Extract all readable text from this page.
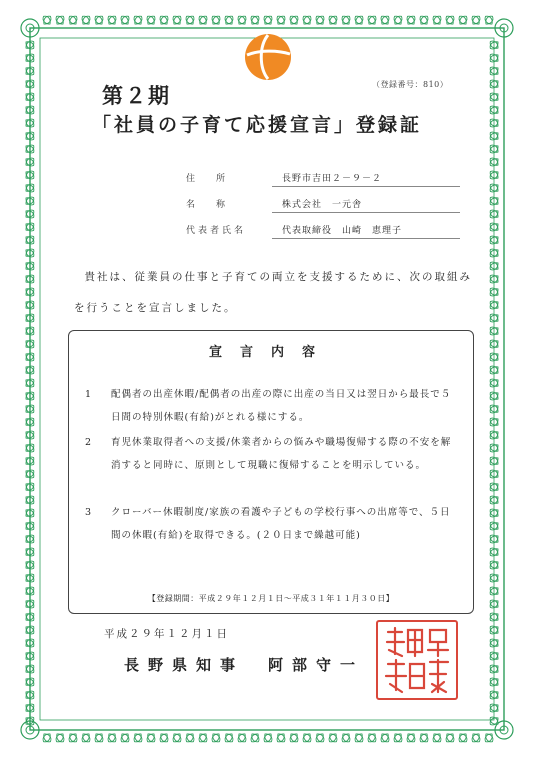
（登録番号：810）
第２期
「社員の子育て応援宣言」登録証
住　所	長野市吉田２－９－２
名　称	株式会社　一元舎
代表者氏名	代表取締役　山崎　恵理子
貴社は、従業員の仕事と子育ての両立を支援するために、次の取組みを行うことを宣言しました。
宣言内容
1	配偶者の出産休暇/配偶者の出産の際に出産の当日又は翌日から最長で５日間の特別休暇(有給)がとれる様にする。
2	育児休業取得者への支援/休業者からの悩みや職場復帰する際の不安を解消すると同時に、原則として現職に復帰することを明示している。
3	クローバー休暇制度/家族の看護や子どもの学校行事への出席等で、５日間の休暇(有給)を取得できる。(２０日まで繰越可能)
【登録期間：平成２９年１２月１日～平成３１年１１月３０日】
平成２９年１２月１日
長野県知事　阿部守一
